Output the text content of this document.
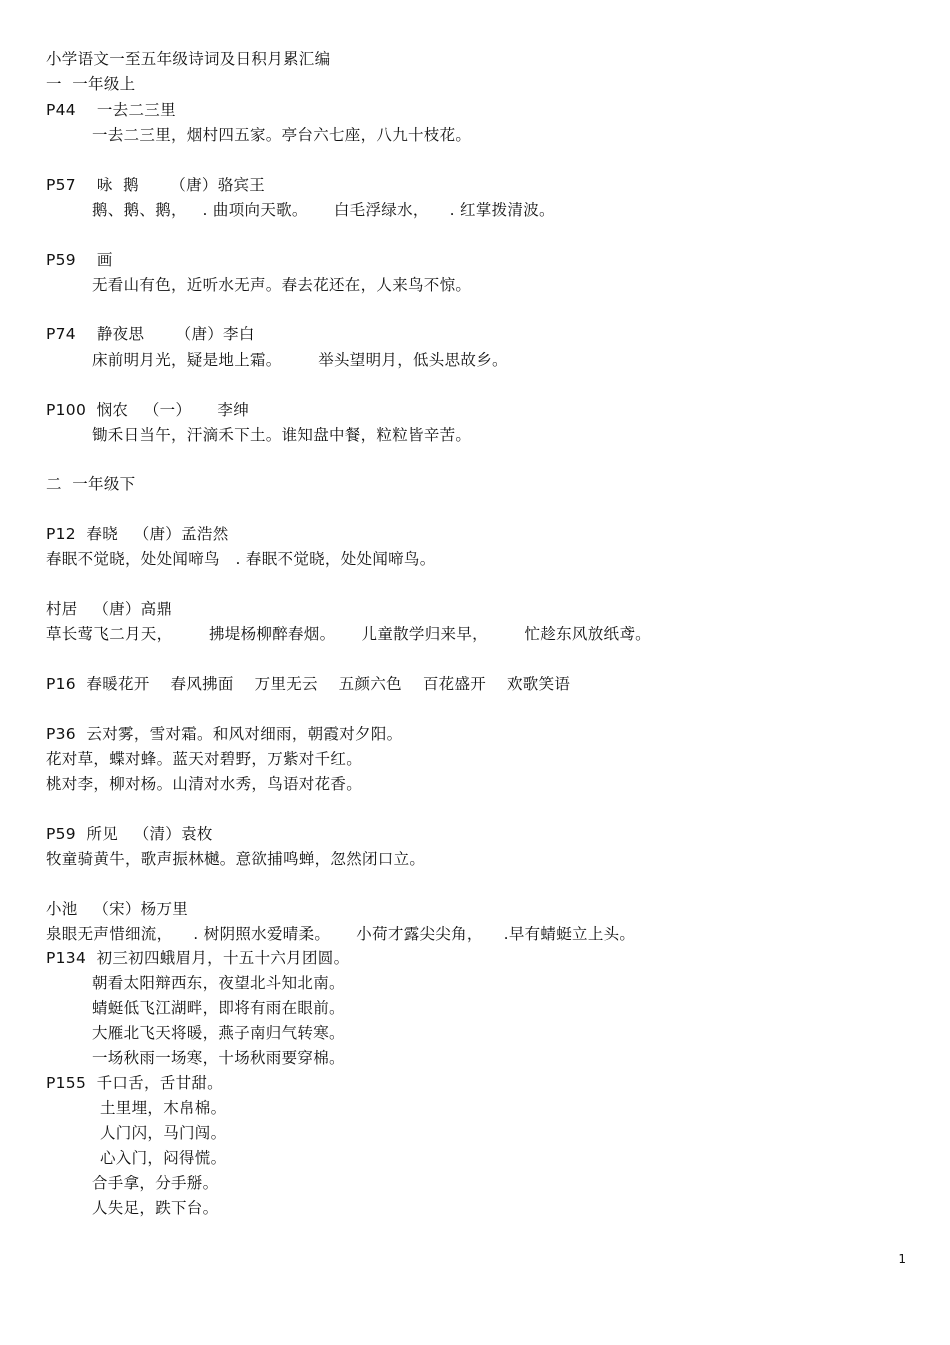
小学语文一至五年级诗词及日积月累汇编
一  一年级上
P44    一去二三里
一去二三里，烟村四五家。亭台六七座，八九十枝花。
P57    咏  鹅      （唐）骆宾王
鹅、鹅、鹅，   . 曲项向天歌。     白毛浮绿水，    . 红掌拨清波。
P59    画
无看山有色，近听水无声。春去花还在，人来鸟不惊。
P74    静夜思      （唐）李白
床前明月光，疑是地上霜。       举头望明月，低头思故乡。
P100  悯农   （一）     李绅
锄禾日当午，汗滴禾下土。谁知盘中餐，粒粒皆辛苦。
二  一年级下
P12  春晓   （唐）孟浩然
春眠不觉晓，处处闻啼鸟   . 春眠不觉晓，处处闻啼鸟。
村居   （唐）高鼎
草长莺飞二月天，       拂堤杨柳醉春烟。     儿童散学归来早，       忙趁东风放纸鸢。
P16  春暖花开    春风拂面    万里无云    五颜六色    百花盛开    欢歌笑语
P36  云对雾，雪对霜。和风对细雨，朝霞对夕阳。
花对草，蝶对蜂。蓝天对碧野，万紫对千红。
桃对李，柳对杨。山清对水秀，鸟语对花香。
P59  所见   （清）袁枚
牧童骑黄牛，歌声振林樾。意欲捕鸣蝉，忽然闭口立。
小池   （宋）杨万里
泉眼无声惜细流，    . 树阴照水爱晴柔。     小荷才露尖尖角，    .早有蜻蜓立上头。
P134  初三初四蛾眉月，十五十六月团圆。
朝看太阳辩西东，夜望北斗知北南。
蜻蜓低飞江湖畔，即将有雨在眼前。
大雁北飞天将暖，燕子南归气转寒。
一场秋雨一场寒，十场秋雨要穿棉。
P155  千口舌，舌甘甜。
土里埋，木帛棉。
人门闪，马门闯。
心入门，闷得慌。
合手拿，分手掰。
人失足，跌下台。
1
